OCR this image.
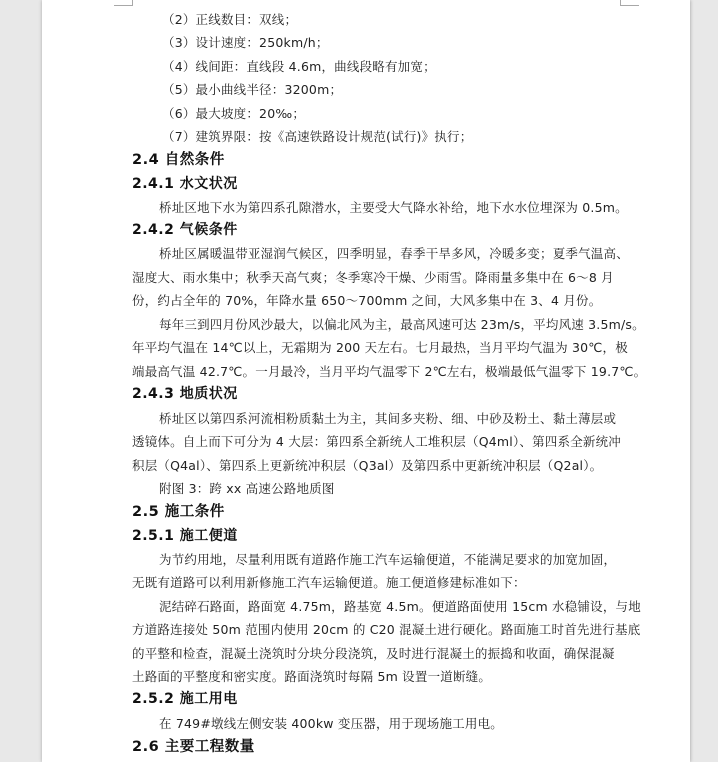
（2）正线数目：双线；
（3）设计速度：250km/h；
（4）线间距：直线段 4.6m，曲线段略有加宽；
（5）最小曲线半径：3200m；
（6）最大坡度：20‰；
（7）建筑界限：按《高速铁路设计规范(试行)》执行；
2.4 自然条件
2.4.1 水文状况
桥址区地下水为第四系孔隙潜水，主要受大气降水补给，地下水水位埋深为 0.5m。
2.4.2 气候条件
桥址区属暖温带亚湿润气候区，四季明显，春季干旱多风，冷暖多变；夏季气温高、
湿度大、雨水集中；秋季天高气爽；冬季寒冷干燥、少雨雪。降雨量多集中在 6～8 月
份，约占全年的 70%，年降水量 650～700mm 之间，大风多集中在 3、4 月份。
每年三到四月份风沙最大，以偏北风为主，最高风速可达 23m/s，平均风速 3.5m/s。
年平均气温在 14℃以上，无霜期为 200 天左右。七月最热，当月平均气温为 30℃，极
端最高气温 42.7℃。一月最冷，当月平均气温零下 2℃左右，极端最低气温零下 19.7℃。
2.4.3 地质状况
桥址区以第四系河流相粉质黏土为主，其间多夹粉、细、中砂及粉土、黏土薄层或
透镜体。自上而下可分为 4 大层：第四系全新统人工堆积层（Q4ml）、第四系全新统冲
积层（Q4al）、第四系上更新统冲积层（Q3al）及第四系中更新统冲积层（Q2al）。
附图 3：跨 xx 高速公路地质图
2.5 施工条件
2.5.1 施工便道
为节约用地，尽量利用既有道路作施工汽车运输便道，不能满足要求的加宽加固，
无既有道路可以利用新修施工汽车运输便道。施工便道修建标准如下：
泥结碎石路面，路面宽 4.75m，路基宽 4.5m。便道路面使用 15cm 水稳铺设，与地
方道路连接处 50m 范围内使用 20cm 的 C20 混凝土进行硬化。路面施工时首先进行基底
的平整和检查，混凝土浇筑时分块分段浇筑，及时进行混凝土的振捣和收面，确保混凝
土路面的平整度和密实度。路面浇筑时每隔 5m 设置一道断缝。
2.5.2 施工用电
在 749#墩线左侧安装 400kw 变压器，用于现场施工用电。
2.6 主要工程数量
